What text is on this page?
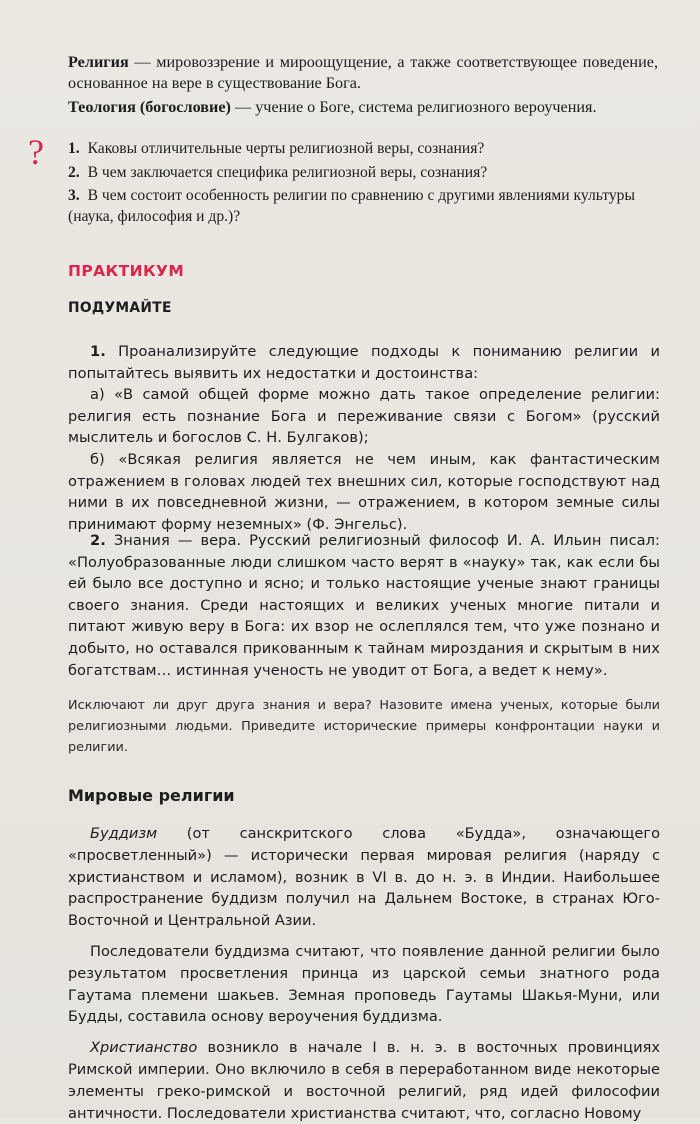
Религия — мировоззрение и мироощущение, а также соответствующее поведение, основанное на вере в существование Бога.

Теология (богословие) — учение о Боге, система религиозного вероучения.

? 1. Каковы отличительные черты религиозной веры, сознания?
2. В чем заключается специфика религиозной веры, сознания?
3. В чем состоит особенность религии по сравнению с другими явлениями культуры (наука, философия и др.)?
ПРАКТИКУМ
ПОДУМАЙТЕ

1. Проанализируйте следующие подходы к пониманию религии и попытайтесь выявить их недостатки и достоинства:

а) «В самой общей форме можно дать такое определение религии: религия есть познание Бога и переживание связи с Богом» (русский мыслитель и богослов С. Н. Булгаков);

б) «Всякая религия является не чем иным, как фантастическим отражением в головах людей тех внешних сил, которые господствуют над ними в их повседневной жизни, — отражением, в котором земные силы принимают форму неземных» (Ф. Энгельс).

2. Знания — вера. Русский религиозный философ И. А. Ильин писал: «Полуобразованные люди слишком часто верят в «науку» так, как если бы ей было все доступно и ясно; и только настоящие ученые знают границы своего знания. Среди настоящих и великих ученых многие питали и питают живую веру в Бога: их взор не ослеплялся тем, что уже познано и добыто, но оставался прикованным к тайнам мироздания и скрытым в них богатствам… истинная ученость не уводит от Бога, а ведет к нему».

Исключают ли друг друга знания и вера? Назовите имена ученых, которые были религиозными людьми. Приведите исторические примеры конфронтации науки и религии.
Мировые религии

Буддизм (от санскритского слова «Будда», означающего «просветленный») — исторически первая мировая религия (наряду с христианством и исламом), возник в VI в. до н. э. в Индии. Наибольшее распространение буддизм получил на Дальнем Востоке, в странах Юго-Восточной и Центральной Азии.

Последователи буддизма считают, что появление данной религии было результатом просветления принца из царской семьи знатного рода Гаутама племени шакьев. Земная проповедь Гаутамы Шакья-Муни, или Будды, составила основу вероучения буддизма.

Христианство возникло в начале I в. н. э. в восточных провинциях Римской империи. Оно включило в себя в переработанном виде некоторые элементы греко-римской и восточной религий, ряд идей философии античности. Последователи христианства считают, что, согласно Новому
